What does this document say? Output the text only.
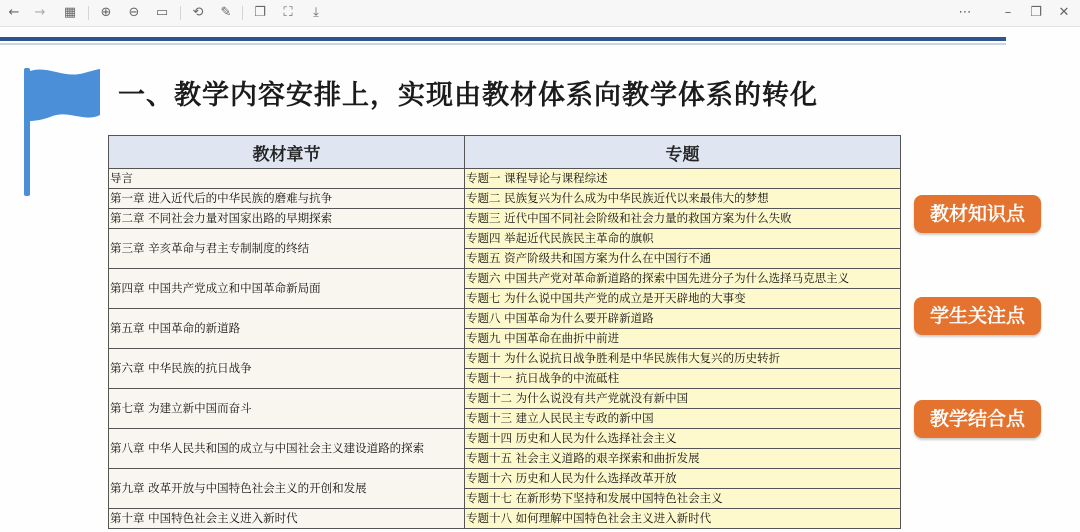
←	→	▦	⊕	⊖	▭	⟲	✎	❐	⛶	⤓	⋯	–	❐	✕
一、教学内容安排上，实现由教材体系向教学体系的转化
教材章节	专题
导言	专题一 课程导论与课程综述
第一章 进入近代后的中华民族的磨难与抗争	专题二 民族复兴为什么成为中华民族近代以来最伟大的梦想
第二章 不同社会力量对国家出路的早期探索	专题三 近代中国不同社会阶级和社会力量的救国方案为什么失败
第三章 辛亥革命与君主专制制度的终结	专题四 举起近代民族民主革命的旗帜
	专题五 资产阶级共和国方案为什么在中国行不通
第四章 中国共产党成立和中国革命新局面	专题六 中国共产党对革命新道路的探索中国先进分子为什么选择马克思主义
	专题七 为什么说中国共产党的成立是开天辟地的大事变
第五章 中国革命的新道路	专题八 中国革命为什么要开辟新道路
	专题九 中国革命在曲折中前进
第六章 中华民族的抗日战争	专题十 为什么说抗日战争胜利是中华民族伟大复兴的历史转折
	专题十一 抗日战争的中流砥柱
第七章 为建立新中国而奋斗	专题十二 为什么说没有共产党就没有新中国
	专题十三 建立人民民主专政的新中国
第八章 中华人民共和国的成立与中国社会主义建设道路的探索	专题十四 历史和人民为什么选择社会主义
	专题十五 社会主义道路的艰辛探索和曲折发展
第九章 改革开放与中国特色社会主义的开创和发展	专题十六 历史和人民为什么选择改革开放
	专题十七 在新形势下坚持和发展中国特色社会主义
第十章 中国特色社会主义进入新时代	专题十八 如何理解中国特色社会主义进入新时代
教材知识点
学生关注点
教学结合点
